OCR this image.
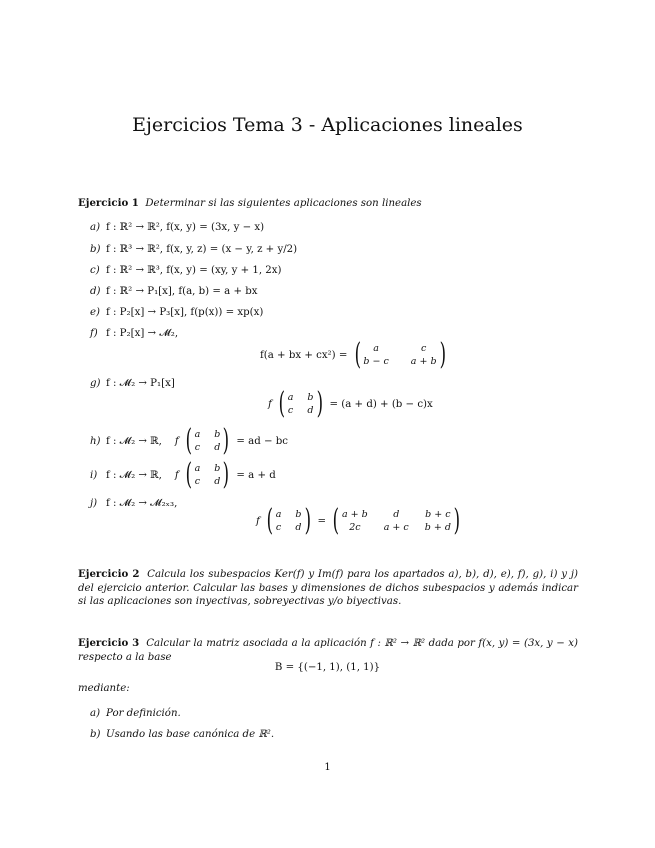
Ejercicios Tema 3 - Aplicaciones lineales
Ejercicio 1 Determinar si las siguientes aplicaciones son lineales
a) f : ℝ² → ℝ², f(x, y) = (3x, y − x)
b) f : ℝ³ → ℝ², f(x, y, z) = (x − y, z + y/2)
c) f : ℝ² → ℝ³, f(x, y) = (xy, y + 1, 2x)
d) f : ℝ² → P₁[x], f(a, b) = a + bx
e) f : P₂[x] → P₃[x], f(p(x)) = xp(x)
f) f : P₂[x] → 𝓜₂,
f(a + bx + cx²) = (	a	c
b − c a + b )
g) f : 𝓜₂ → P₁[x]
f ( a b
c d ) = (a + d) + (b − c)x
h) f : 𝓜₂ → ℝ, f ( a b
c d ) = ad − bc
i) f : 𝓜₂ → ℝ, f ( a b
c d ) = a + d
j) f : 𝓜₂ → 𝓜₂ₓ₃,
f ( a b
c d ) = ( a + b	d	b + c
2c	a + c b + d )
Ejercicio 2 Calcula los subespacios Ker(f) y Im(f) para los apartados a), b), d), e), f), g), i) y j) del ejercicio anterior. Calcular las bases y dimensiones de dichos subespacios y además indicar si las aplicaciones son inyectivas, sobreyectivas y/o biyectivas.
Ejercicio 3 Calcular la matriz asociada a la aplicación f : ℝ² → ℝ² dada por f(x, y) = (3x, y − x) respecto a la base
B = {(−1, 1), (1, 1)}
mediante:
a) Por definición.
b) Usando las base canónica de ℝ².
1
